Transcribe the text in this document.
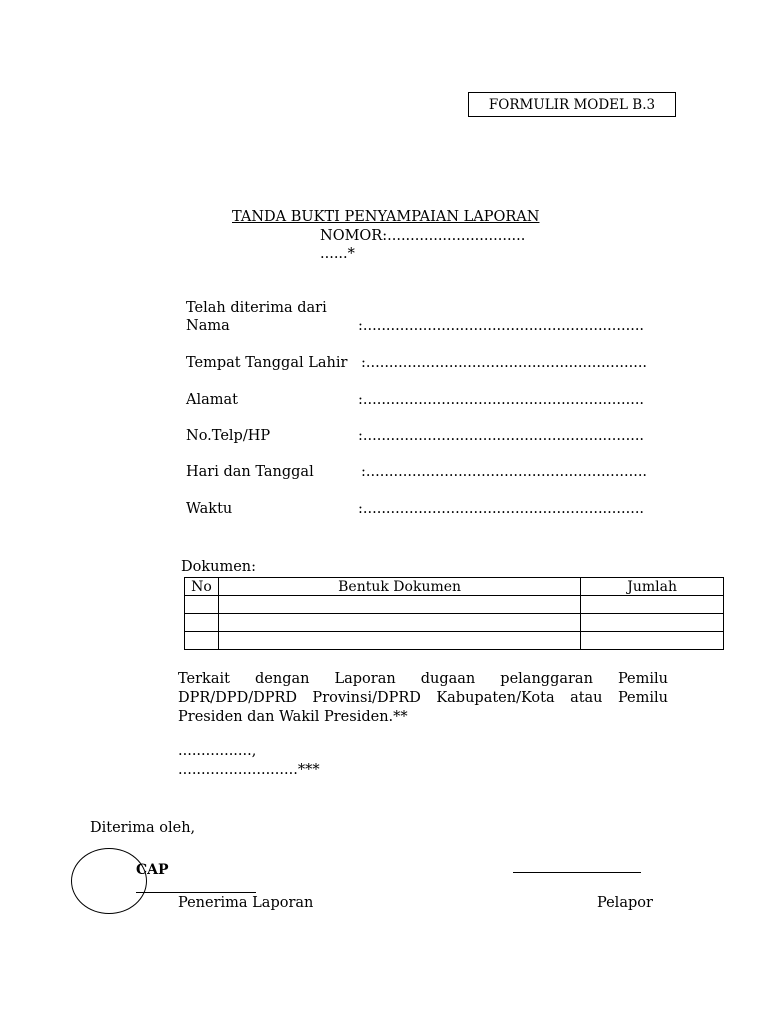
FORMULIR MODEL B.3
TANDA BUKTI PENYAMPAIAN LAPORAN
NOMOR:..............................
......*
Telah diterima dari
Nama	:.............................................................
Tempat Tanggal Lahir :.............................................................
Alamat	:.............................................................
No.Telp/HP	:.............................................................
Hari dan Tanggal	:.............................................................
Waktu	:.............................................................
Dokumen:
No	Bentuk Dokumen	Jumlah

Terkait dengan Laporan dugaan pelanggaran Pemilu
DPR/DPD/DPRD Provinsi/DPRD Kabupaten/Kota atau Pemilu
Presiden dan Wakil Presiden.**
................,
..........................***
Diterima oleh,
CAP
Penerima Laporan	Pelapor
